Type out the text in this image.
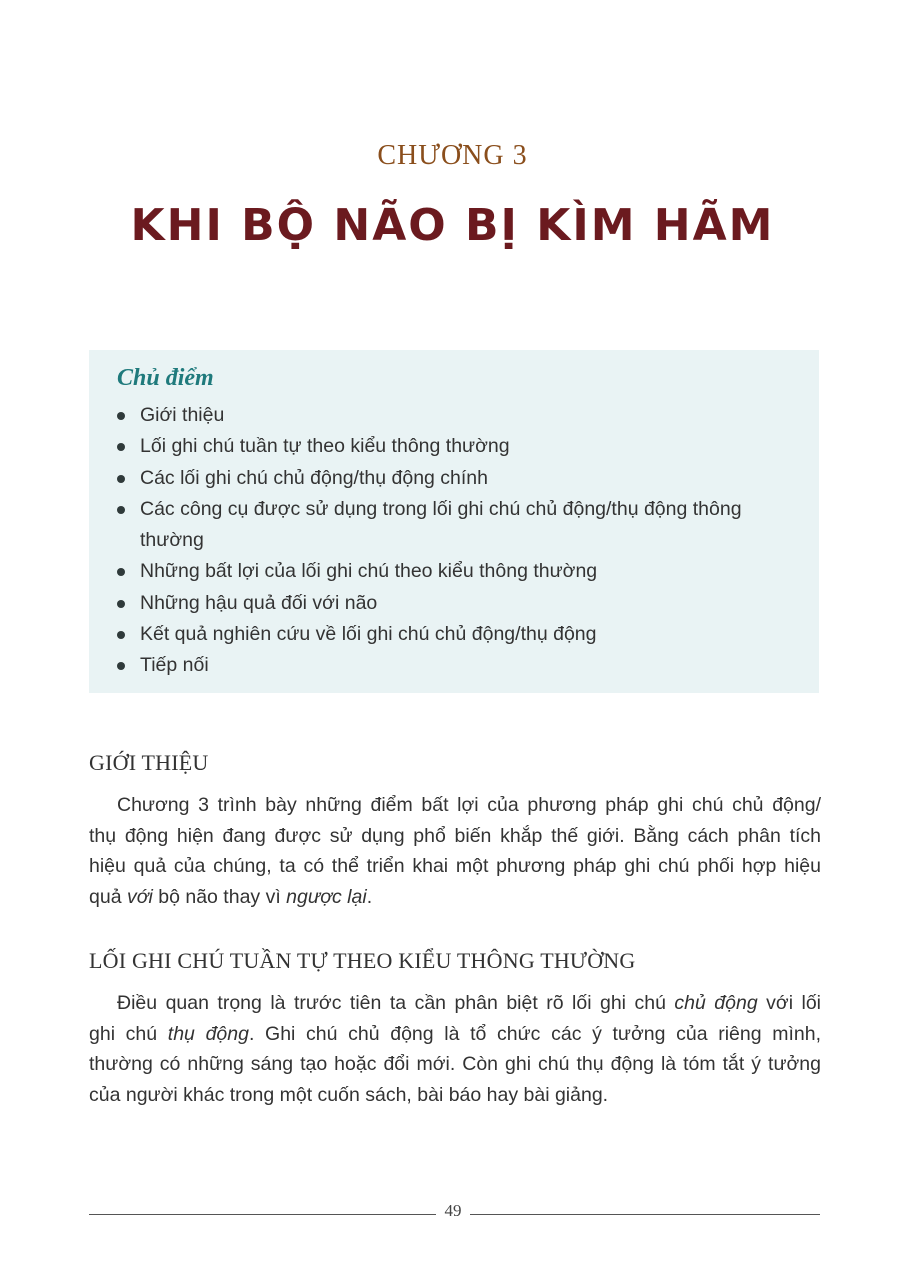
CHƯƠNG 3
KHI BỘ NÃO BỊ KÌM HÃM
Chủ điểm
Giới thiệu
Lối ghi chú tuần tự theo kiểu thông thường
Các lối ghi chú chủ động/thụ động chính
Các công cụ được sử dụng trong lối ghi chú chủ động/thụ động thông thường
Những bất lợi của lối ghi chú theo kiểu thông thường
Những hậu quả đối với não
Kết quả nghiên cứu về lối ghi chú chủ động/thụ động
Tiếp nối
GIỚI THIỆU
Chương 3 trình bày những điểm bất lợi của phương pháp ghi chú chủ động/
thụ động hiện đang được sử dụng phổ biến khắp thế giới. Bằng cách phân tích
hiệu quả của chúng, ta có thể triển khai một phương pháp ghi chú phối hợp hiệu
quả với bộ não thay vì ngược lại.
LỐI GHI CHÚ TUẦN TỰ THEO KIỂU THÔNG THƯỜNG
Điều quan trọng là trước tiên ta cần phân biệt rõ lối ghi chú chủ động với lối
ghi chú thụ động. Ghi chú chủ động là tổ chức các ý tưởng của riêng mình,
thường có những sáng tạo hoặc đổi mới. Còn ghi chú thụ động là tóm tắt ý tưởng
của người khác trong một cuốn sách, bài báo hay bài giảng.
49
